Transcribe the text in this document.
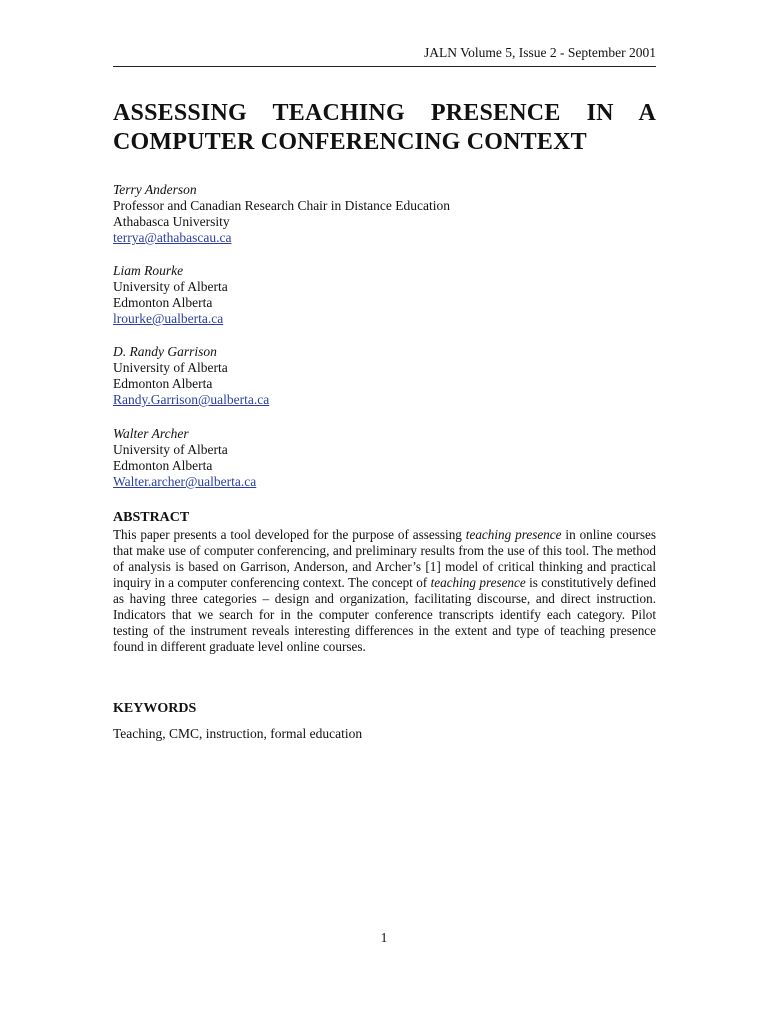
JALN Volume 5, Issue 2 - September 2001
ASSESSING TEACHING PRESENCE IN A
COMPUTER CONFERENCING CONTEXT
Terry Anderson
Professor and Canadian Research Chair in Distance Education
Athabasca University
terrya@athabascau.ca
Liam Rourke
University of Alberta
Edmonton Alberta
lrourke@ualberta.ca
D. Randy Garrison
University of Alberta
Edmonton Alberta
Randy.Garrison@ualberta.ca
Walter Archer
University of Alberta
Edmonton Alberta
Walter.archer@ualberta.ca
ABSTRACT

This paper presents a tool developed for the purpose of assessing teaching presence in online courses that make use of computer conferencing, and preliminary results from the use of this tool. The method of analysis is based on Garrison, Anderson, and Archer’s [1] model of critical thinking and practical inquiry in a computer conferencing context. The concept of teaching presence is constitutively defined as having three categories – design and organization, facilitating discourse, and direct instruction. Indicators that we search for in the computer conference transcripts identify each category. Pilot testing of the instrument reveals interesting differences in the extent and type of teaching presence found in different graduate level online courses.

KEYWORDS

Teaching, CMC, instruction, formal education

1
